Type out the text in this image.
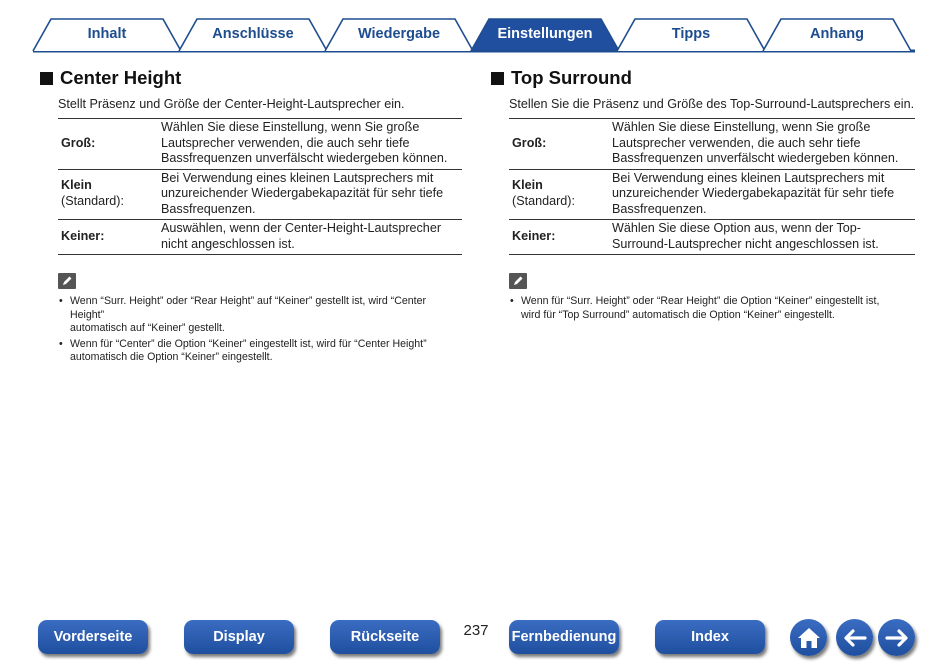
Inhalt	Anschlüsse	Wiedergabe	Einstellungen	Tipps	Anhang
Center Height

Stellt Präsenz und Größe der Center-Height-Lautsprecher ein.

Groß:	Wählen Sie diese Einstellung, wenn Sie große Lautsprecher verwenden, die auch sehr tiefe Bassfrequenzen unverfälscht wiedergeben können.

Klein
(Standard):	Bei Verwendung eines kleinen Lautsprechers mit unzureichender Wiedergabekapazität für sehr tiefe Bassfrequenzen.

Keiner:	Auswählen, wenn der Center-Height-Lautsprecher nicht angeschlossen ist.
• Wenn “Surr. Height” oder “Rear Height” auf “Keiner” gestellt ist, wird “Center Height”
automatisch auf “Keiner” gestellt.
• Wenn für “Center” die Option “Keiner” eingestellt ist, wird für “Center Height”
automatisch die Option “Keiner” eingestellt.
Top Surround

Stellen Sie die Präsenz und Größe des Top-Surround-Lautsprechers ein.

Groß:	Wählen Sie diese Einstellung, wenn Sie große Lautsprecher verwenden, die auch sehr tiefe Bassfrequenzen unverfälscht wiedergeben können.

Klein
(Standard):	Bei Verwendung eines kleinen Lautsprechers mit unzureichender Wiedergabekapazität für sehr tiefe Bassfrequenzen.

Keiner:	Wählen Sie diese Option aus, wenn der Top-Surround-Lautsprecher nicht angeschlossen ist.
• Wenn für “Surr. Height” oder “Rear Height” die Option “Keiner” eingestellt ist,
wird für “Top Surround” automatisch die Option “Keiner” eingestellt.
Vorderseite	Display	Rückseite	237	Fernbedienung	Index
